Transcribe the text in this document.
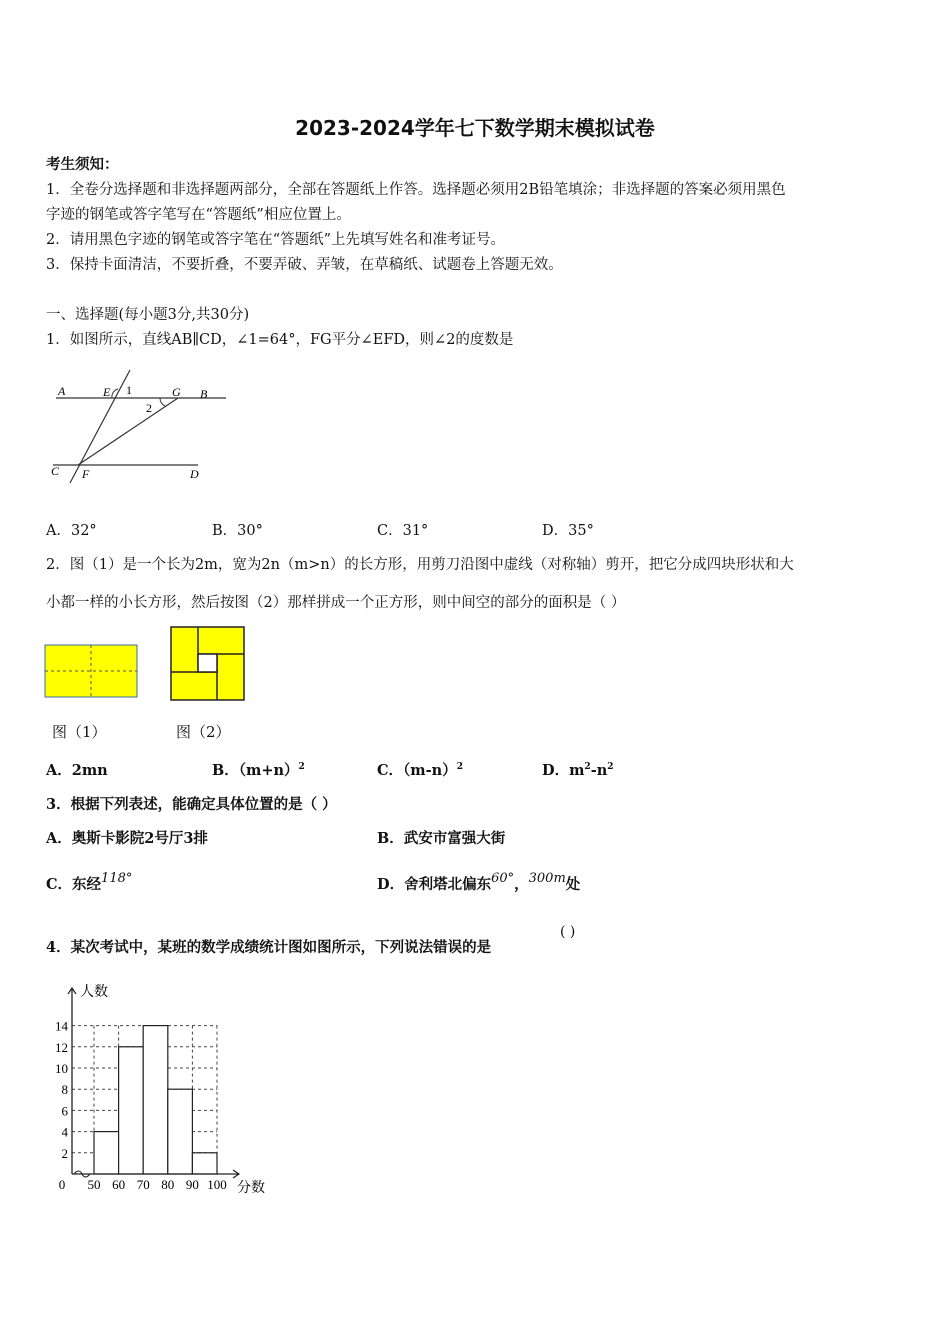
2023-2024学年七下数学期末模拟试卷
考生须知：
1．全卷分选择题和非选择题两部分，全部在答题纸上作答。选择题必须用2B铅笔填涂；非选择题的答案必须用黑色
字迹的钢笔或答字笔写在“答题纸”相应位置上。
2．请用黑色字迹的钢笔或答字笔在“答题纸”上先填写姓名和准考证号。
3．保持卡面清洁，不要折叠，不要弄破、弄皱，在草稿纸、试题卷上答题无效。
一、选择题(每小题3分,共30分)
1．如图所示，直线AB∥CD，∠1=64°，FG平分∠EFD，则∠2的度数是
A	E 1	G B
2
C F	D
A．32°	B．30°	C．31°	D．35°
2．图（1）是一个长为2m，宽为2n（m>n）的长方形，用剪刀沿图中虚线（对称轴）剪开，把它分成四块形状和大
小都一样的小长方形，然后按图（2）那样拼成一个正方形，则中间空的部分的面积是（ ）
图（1）	图（2）
A．2mn	B．$(m+n)^2$	C．$(m-n)^2$	D．$m^2-n^2$
3．根据下列表述，能确定具体位置的是（ ）
A．奥斯卡影院2号厅3排	B．武安市富强大街
C．东经118°	D．舍利塔北偏东60°，300m处
4．某次考试中，某班的数学成绩统计图如图所示，下列说法错误的是
( )
2
4
6
8
10
12
14
0 50 60 70 80 90 100
人数
分数
